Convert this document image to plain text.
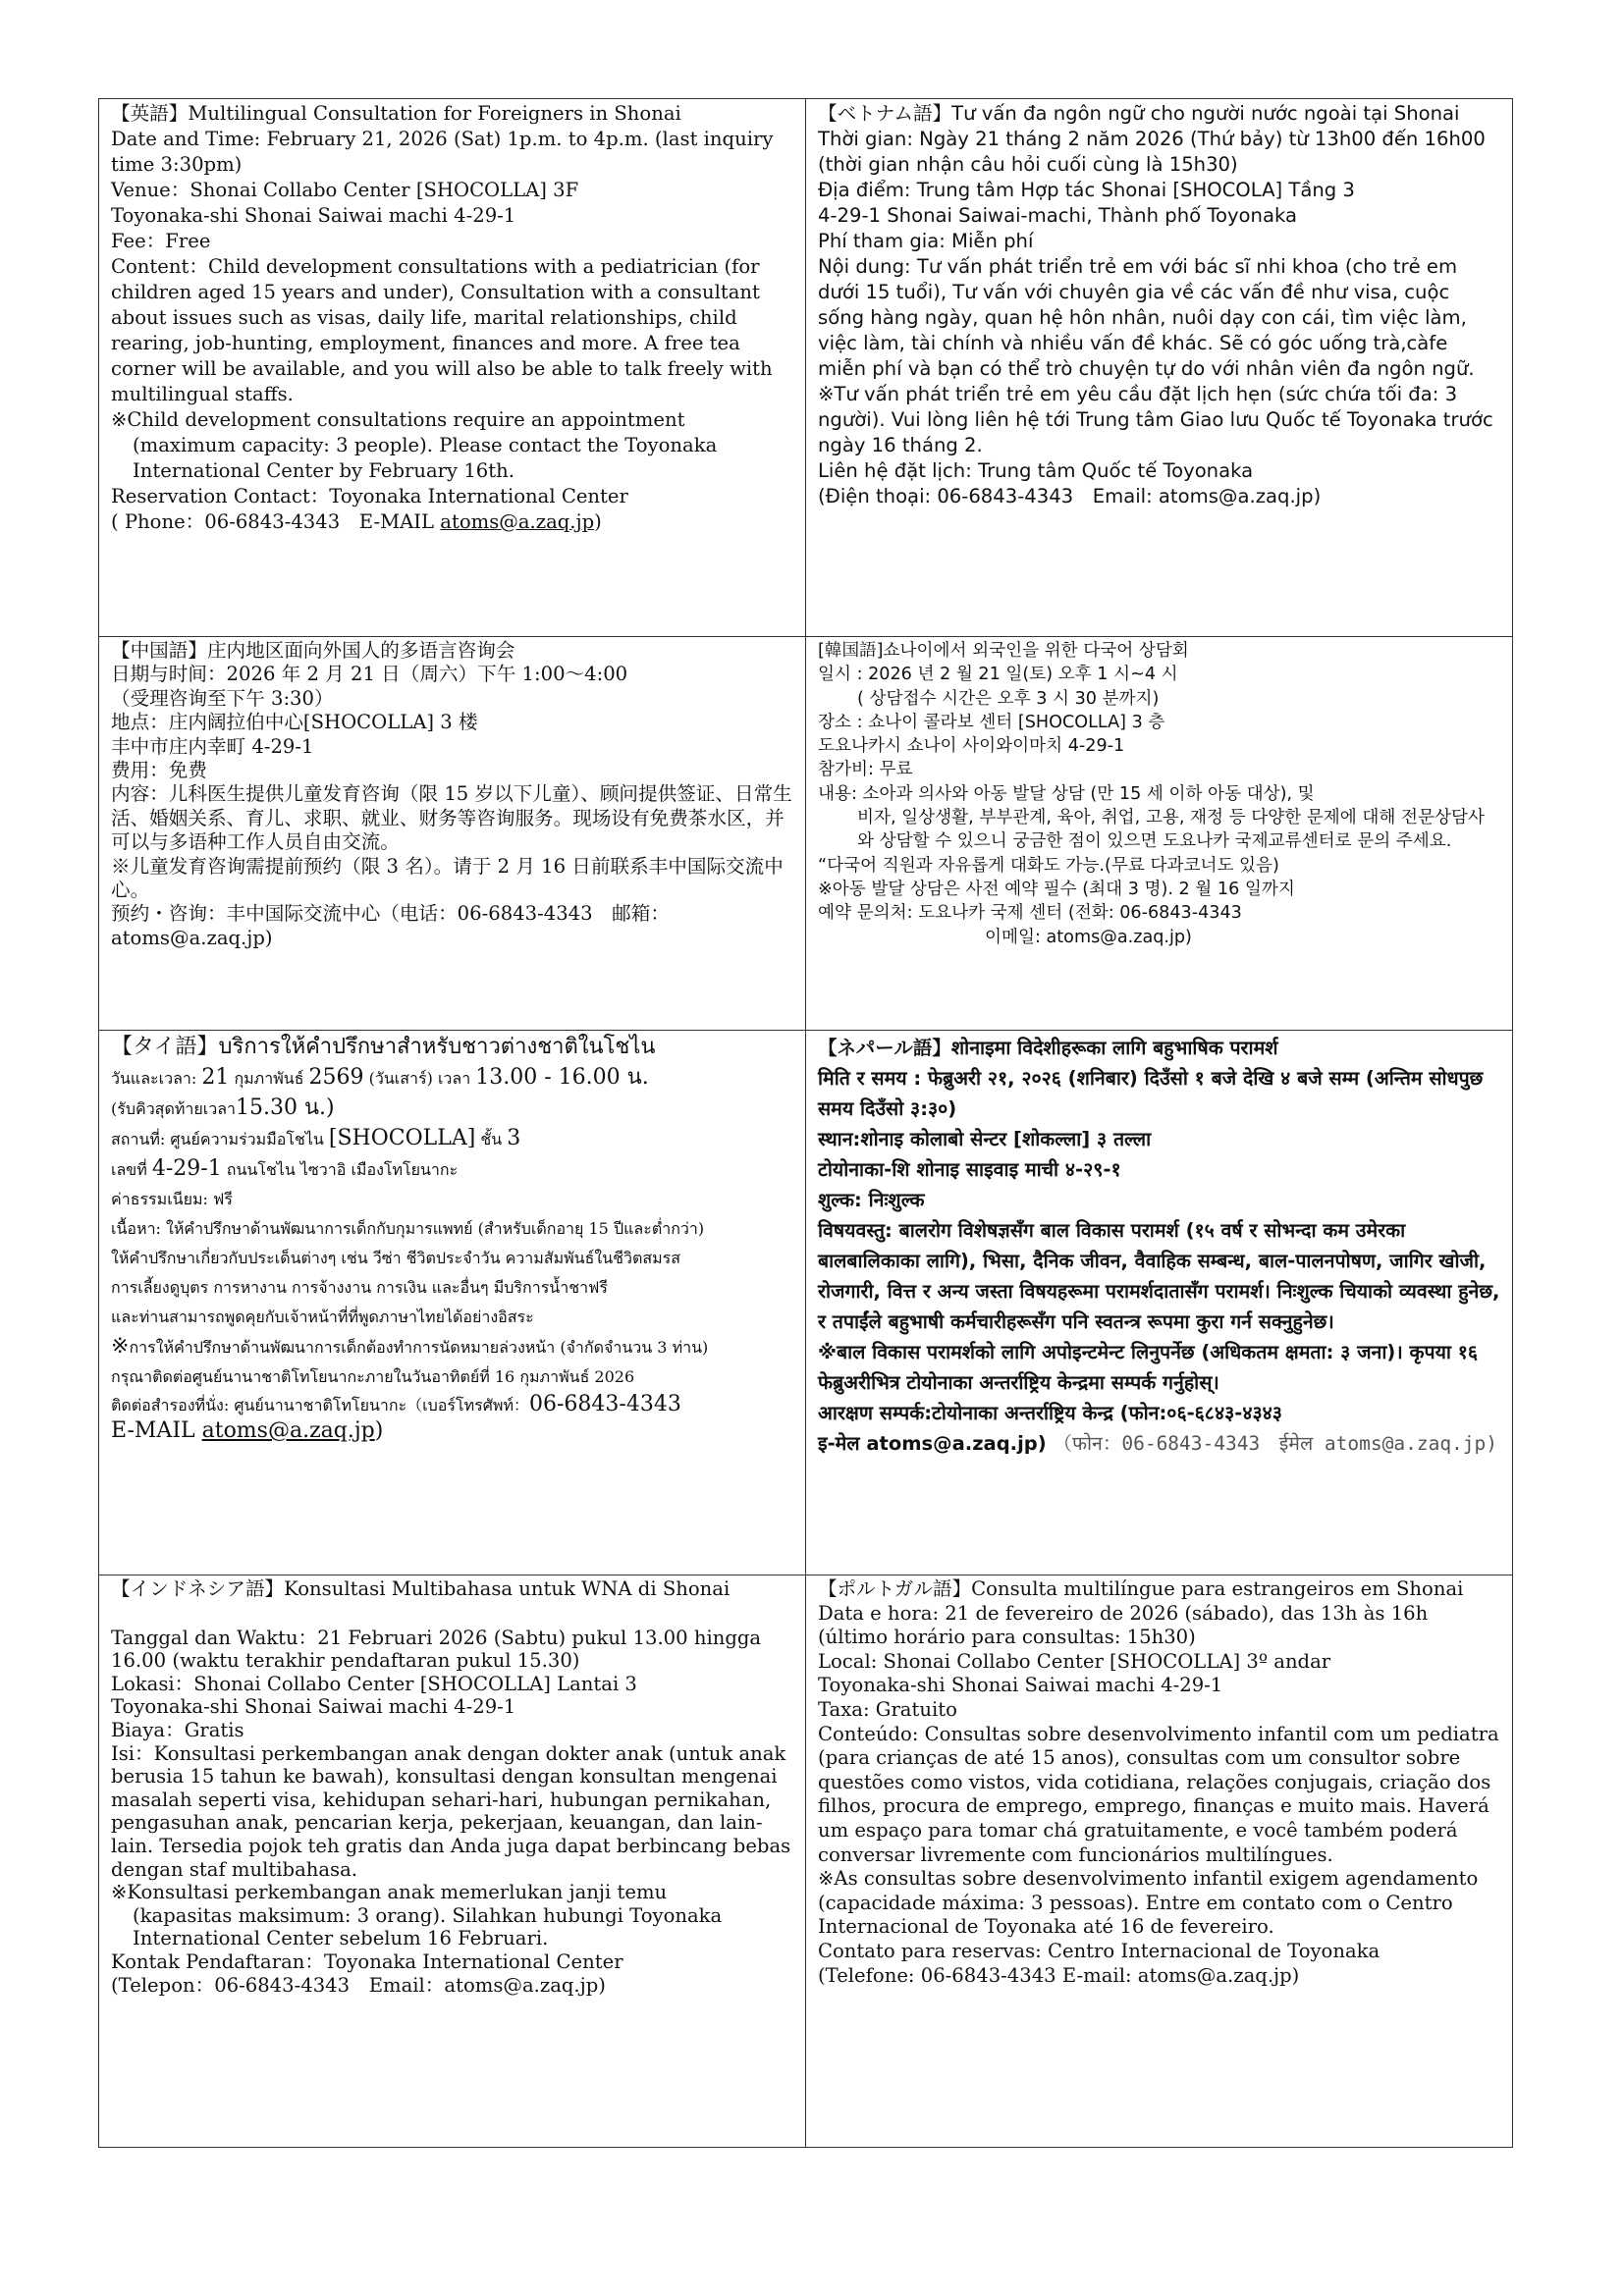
【英語】Multilingual Consultation for Foreigners in Shonai

Date and Time: February 21, 2026 (Sat) 1p.m. to 4p.m. (last inquiry time 3:30pm)

Venue：Shonai Collabo Center [SHOCOLLA] 3F

Toyonaka-shi Shonai Saiwai machi 4-29-1

Fee：Free

Content：Child development consultations with a pediatrician (for children aged 15 years and under), Consultation with a consultant about issues such as visas, daily life, marital relationships, child rearing, job-hunting, employment, finances and more. A free tea corner will be available, and you will also be able to talk freely with multilingual staffs.

※Child development consultations require an appointment

(maximum capacity: 3 people). Please contact the Toyonaka International Center by February 16th.

Reservation Contact：Toyonaka International Center

( Phone：06-6843-4343　E-MAIL atoms@a.zaq.jp)

【ベトナム語】Tư vấn đa ngôn ngữ cho người nước ngoài tại Shonai

Thời gian: Ngày 21 tháng 2 năm 2026 (Thứ bảy) từ 13h00 đến 16h00 (thời gian nhận câu hỏi cuối cùng là 15h30)

Địa điểm: Trung tâm Hợp tác Shonai [SHOCOLA] Tầng 3

4-29-1 Shonai Saiwai-machi, Thành phố Toyonaka

Phí tham gia: Miễn phí

Nội dung: Tư vấn phát triển trẻ em với bác sĩ nhi khoa (cho trẻ em dưới 15 tuổi), Tư vấn với chuyên gia về các vấn đề như visa, cuộc sống hàng ngày, quan hệ hôn nhân, nuôi dạy con cái, tìm việc làm, việc làm, tài chính và nhiều vấn đề khác. Sẽ có góc uống trà,càfe miễn phí và bạn có thể trò chuyện tự do với nhân viên đa ngôn ngữ.

※Tư vấn phát triển trẻ em yêu cầu đặt lịch hẹn (sức chứa tối đa: 3 người). Vui lòng liên hệ tới Trung tâm Giao lưu Quốc tế Toyonaka trước ngày 16 tháng 2.

Liên hệ đặt lịch: Trung tâm Quốc tế Toyonaka

(Điện thoại: 06-6843-4343　Email: atoms@a.zaq.jp)

【中国語】庄内地区面向外国人的多语言咨询会

日期与时间：2026 年 2 月 21 日（周六）下午 1:00～4:00

（受理咨询至下午 3:30）

地点：庄内阔拉伯中心[SHOCOLLA] 3 楼

丰中市庄内幸町 4-29-1

费用：免费

内容：儿科医生提供儿童发育咨询（限 15 岁以下儿童）、顾问提供签证、日常生活、婚姻关系、育儿、求职、就业、财务等咨询服务。现场设有免费茶水区，并可以与多语种工作人员自由交流。

※儿童发育咨询需提前预约（限 3 名）。请于 2 月 16 日前联系丰中国际交流中心。

预约・咨询：丰中国际交流中心（电话：06-6843-4343　邮箱：atoms@a.zaq.jp)

[韓国語]쇼나이에서 외국인을 위한 다국어 상담회

일시 : 2026 년 2 월 21 일(토) 오후 1 시~4 시

( 상담접수 시간은 오후 3 시 30 분까지)

장소 : 쇼나이 콜라보 센터 [SHOCOLLA] 3 층

도요나카시 쇼나이 사이와이마치 4-29-1

참가비: 무료

내용: 소아과 의사와 아동 발달 상담 (만 15 세 이하 아동 대상), 및

비자, 일상생활, 부부관계, 육아, 취업, 고용, 재정 등 다양한 문제에 대해 전문상담사와 상담할 수 있으니 궁금한 점이 있으면 도요나카 국제교류센터로 문의 주세요.

“다국어 직원과 자유롭게 대화도 가능.(무료 다과코너도 있음)

※아동 발달 상담은 사전 예약 필수 (최대 3 명). 2 월 16 일까지

예약 문의처: 도요나카 국제 센터 (전화: 06-6843-4343

이메일: atoms@a.zaq.jp)

【タイ語】บริการให้คำปรึกษาสำหรับชาวต่างชาติในโชไน

วันและเวลา: 21 กุมภาพันธ์ 2569 (วันเสาร์) เวลา 13.00 - 16.00 น.

(รับคิวสุดท้ายเวลา15.30 น.)

สถานที่: ศูนย์ความร่วมมือโชไน [SHOCOLLA] ชั้น 3

เลขที่ 4-29-1 ถนนโชไน ไซวาอิ เมืองโทโยนากะ

ค่าธรรมเนียม: ฟรี

เนื้อหา: ให้คำปรึกษาด้านพัฒนาการเด็กกับกุมารแพทย์ (สำหรับเด็กอายุ 15 ปีและต่ำกว่า)

ให้คำปรึกษาเกี่ยวกับประเด็นต่างๆ เช่น วีซ่า ชีวิตประจำวัน ความสัมพันธ์ในชีวิตสมรส

การเลี้ยงดูบุตร การหางาน การจ้างงาน การเงิน และอื่นๆ มีบริการน้ำชาฟรี

และท่านสามารถพูดคุยกับเจ้าหน้าที่ที่พูดภาษาไทยได้อย่างอิสระ

※การให้คำปรึกษาด้านพัฒนาการเด็กต้องทำการนัดหมายล่วงหน้า (จำกัดจำนวน 3 ท่าน)

กรุณาติดต่อศูนย์นานาชาติโทโยนากะภายในวันอาทิตย์ที่ 16 กุมภาพันธ์ 2026

ติดต่อสำรองที่นั่ง: ศูนย์นานาชาติโทโยนากะ（เบอร์โทรศัพท์：06-6843-4343

E-MAIL atoms@a.zaq.jp)

【ネパール語】शोनाइमा विदेशीहरूका लागि बहुभाषिक परामर्श

मिति र समय : फेब्रुअरी २१, २०२६ (शनिबार) दिउँसो १ बजे देखि ४ बजे सम्म (अन्तिम सोधपुछ समय दिउँसो ३:३०)

स्थान:शोनाइ कोलाबो सेन्टर [शोकल्ला] ३ तल्ला

टोयोनाका-शि शोनाइ साइवाइ माची ४-२९-१

शुल्क: निःशुल्क

विषयवस्तु: बालरोग विशेषज्ञसँग बाल विकास परामर्श (१५ वर्ष र सोभन्दा कम उमेरका बालबालिकाका लागि), भिसा, दैनिक जीवन, वैवाहिक सम्बन्ध, बाल-पालनपोषण, जागिर खोजी, रोजगारी, वित्त र अन्य जस्ता विषयहरूमा परामर्शदातासँग परामर्श। निःशुल्क चियाको व्यवस्था हुनेछ, र तपाईंले बहुभाषी कर्मचारीहरूसँग पनि स्वतन्त्र रूपमा कुरा गर्न सक्नुहुनेछ।

※बाल विकास परामर्शको लागि अपोइन्टमेन्ट लिनुपर्नेछ (अधिकतम क्षमता: ३ जना)। कृपया १६ फेब्रुअरीभित्र टोयोनाका अन्तर्राष्ट्रिय केन्द्रमा सम्पर्क गर्नुहोस्।

आरक्षण सम्पर्क:टोयोनाका अन्तर्राष्ट्रिय केन्द्र (फोन:०६-६८४३-४३४३

इ-मेल atoms@a.zaq.jp) （फोन：06-6843-4343　ईमेल atoms@a.zaq.jp)

【インドネシア語】Konsultasi Multibahasa untuk WNA di Shonai

Tanggal dan Waktu：21 Februari 2026 (Sabtu) pukul 13.00 hingga 16.00 (waktu terakhir pendaftaran pukul 15.30)

Lokasi：Shonai Collabo Center [SHOCOLLA] Lantai 3

Toyonaka-shi Shonai Saiwai machi 4-29-1

Biaya：Gratis

Isi：Konsultasi perkembangan anak dengan dokter anak (untuk anak berusia 15 tahun ke bawah), konsultasi dengan konsultan mengenai masalah seperti visa, kehidupan sehari-hari, hubungan pernikahan, pengasuhan anak, pencarian kerja, pekerjaan, keuangan, dan lain-lain. Tersedia pojok teh gratis dan Anda juga dapat berbincang bebas dengan staf multibahasa.

※Konsultasi perkembangan anak memerlukan janji temu

(kapasitas maksimum: 3 orang). Silahkan hubungi Toyonaka International Center sebelum 16 Februari.

Kontak Pendaftaran：Toyonaka International Center

(Telepon：06-6843-4343　Email：atoms@a.zaq.jp)

【ポルトガル語】Consulta multilíngue para estrangeiros em Shonai

Data e hora: 21 de fevereiro de 2026 (sábado), das 13h às 16h (último horário para consultas: 15h30)

Local: Shonai Collabo Center [SHOCOLLA] 3º andar

Toyonaka-shi Shonai Saiwai machi 4-29-1

Taxa: Gratuito

Conteúdo: Consultas sobre desenvolvimento infantil com um pediatra (para crianças de até 15 anos), consultas com um consultor sobre questões como vistos, vida cotidiana, relações conjugais, criação dos filhos, procura de emprego, emprego, finanças e muito mais. Haverá um espaço para tomar chá gratuitamente, e você também poderá conversar livremente com funcionários multilíngues.

※As consultas sobre desenvolvimento infantil exigem agendamento (capacidade máxima: 3 pessoas). Entre em contato com o Centro Internacional de Toyonaka até 16 de fevereiro.

Contato para reservas: Centro Internacional de Toyonaka

(Telefone: 06-6843-4343 E-mail: atoms@a.zaq.jp)
